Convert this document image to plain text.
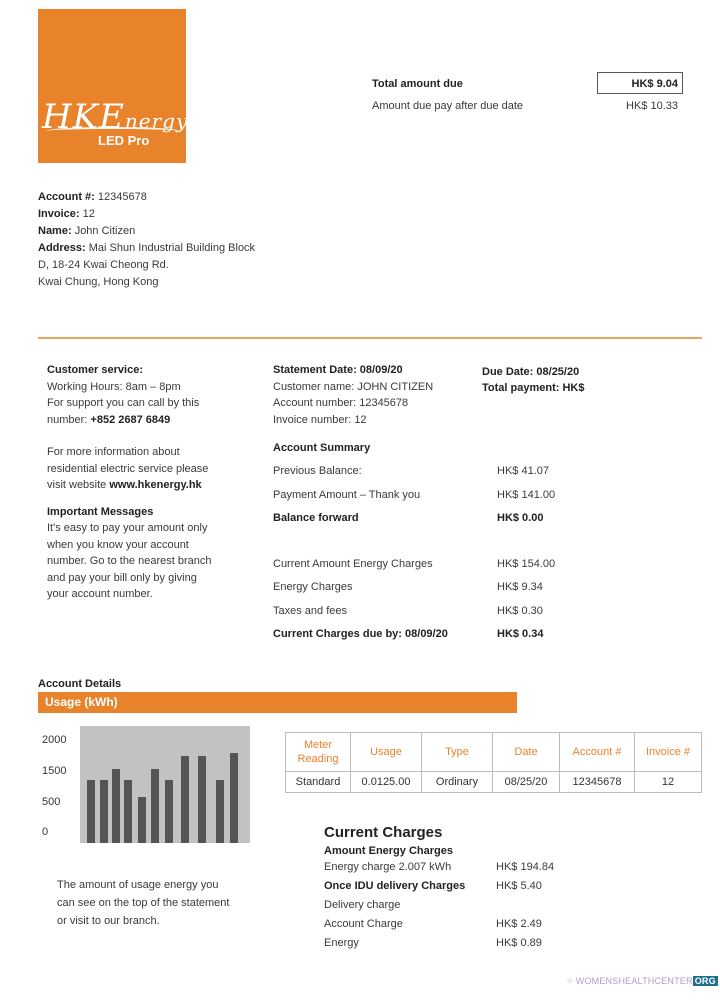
HKEnergy
LED Pro
Total amount due	HK$ 9.04
Amount due pay after due date	HK$ 10.33
Account #: 12345678
Invoice: 12
Name: John Citizen
Address: Mai Shun Industrial Building Block
D, 18-24 Kwai Cheong Rd.
Kwai Chung, Hong Kong
Customer service:
Working Hours: 8am – 8pm
For support you can call by this
number: +852 2687 6849
For more information about
residential electric service please
visit website www.hkenergy.hk
Important Messages
It's easy to pay your amount only
when you know your account
number. Go to the nearest branch
and pay your bill only by giving
your account number.
Statement Date: 08/09/20
Customer name: JOHN CITIZEN
Account number: 12345678
Invoice number: 12
Account Summary
Previous Balance:	HK$ 41.07
Payment Amount – Thank you	HK$ 141.00
Balance forward	HK$ 0.00
Current Amount Energy Charges	HK$ 154.00
Energy Charges	HK$ 9.34
Taxes and fees	HK$ 0.30
Current Charges due by: 08/09/20	HK$ 0.34
Due Date: 08/25/20
Total payment: HK$
Account Details
Usage (kWh)
2000
1500
500
0
The amount of usage energy you
can see on the top of the statement
or visit to our branch.
Meter
Reading	Usage	Type	Date	Account #	Invoice #
Standard	0.0125.00	Ordinary	08/25/20	12345678	12
Current Charges
Amount Energy Charges
Energy charge 2.007 kWh	HK$ 194.84
Once IDU delivery Charges	HK$ 5.40
Delivery charge
Account Charge	HK$ 2.49
Energy	HK$ 0.89
⁘ WOMENSHEALTHCENTER ORG
